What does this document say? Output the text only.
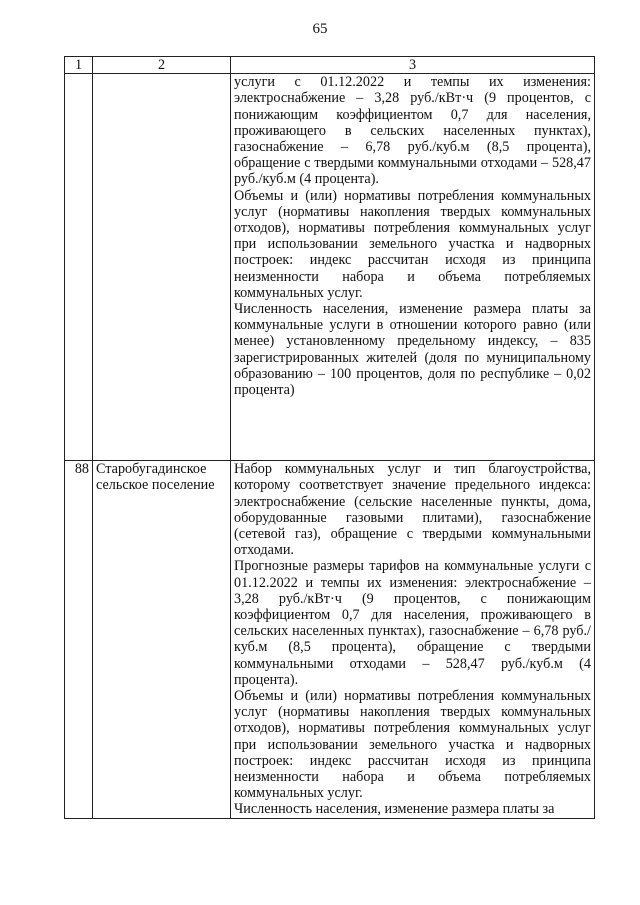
65
1	2	3

		услуги с 01.12.2022 и темпы их изменения: электроснабжение – 3,28 руб./кВт·ч (9 процентов, с понижающим коэффициентом 0,7 для населения, проживающего в сельских населенных пунктах), газоснабжение – 6,78 руб./куб.м (8,5 процента), обращение с твердыми коммунальными отходами – 528,47 руб./куб.м (4 процента).

Объемы и (или) нормативы потребления коммунальных услуг (нормативы накопления твердых коммунальных отходов), нормативы потребления коммунальных услуг при использовании земельного участка и надворных построек: индекс рассчитан исходя из принципа неизменности набора и объема потребляемых коммунальных услуг.

Численность населения, изменение размера платы за коммунальные услуги в отношении которого равно (или менее) установленному предельному индексу, – 835 зарегистрированных жителей (доля по муниципальному образованию – 100 процентов, доля по республике – 0,02 процента)

88	Старобугадинское сельское поселение	Набор коммунальных услуг и тип благоустройства, которому соответствует значение предельного индекса: электроснабжение (сельские населенные пункты, дома, оборудованные газовыми плитами), газоснабжение (сетевой газ), обращение с твердыми коммунальными отходами.

Прогнозные размеры тарифов на коммунальные услуги с 01.12.2022 и темпы их изменения: электроснабжение – 3,28 руб./кВт·ч (9 процентов, с понижающим коэффициентом 0,7 для населения, проживающего в сельских населенных пунктах), газоснабжение – 6,78 руб./куб.м (8,5 процента), обращение с твердыми коммунальными отходами – 528,47 руб./куб.м (4 процента).

Объемы и (или) нормативы потребления коммунальных услуг (нормативы накопления твердых коммунальных отходов), нормативы потребления коммунальных услуг при использовании земельного участка и надворных построек: индекс рассчитан исходя из принципа неизменности набора и объема потребляемых коммунальных услуг.

Численность населения, изменение размера платы за
